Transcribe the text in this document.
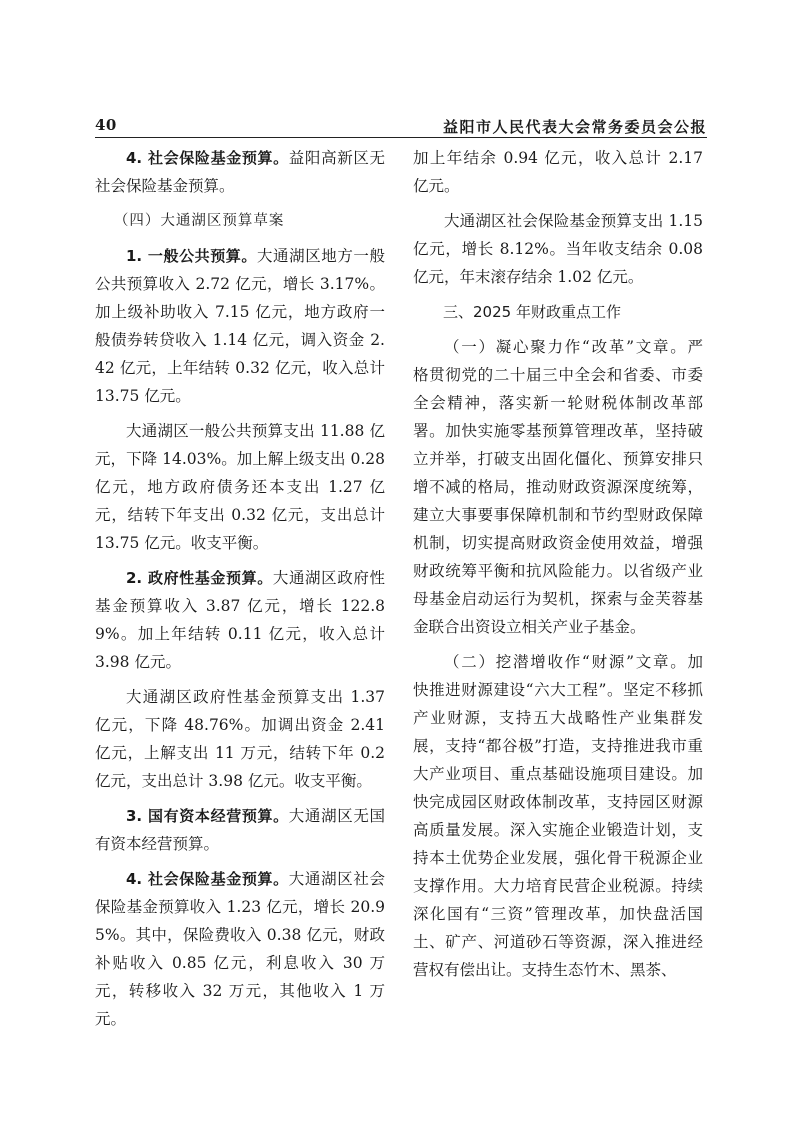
40	益阳市人民代表大会常务委员会公报

4. 社会保险基金预算。益阳高新区无社会保险基金预算。

（四）大通湖区预算草案

1. 一般公共预算。大通湖区地方一般公共预算收入 2.72 亿元，增长 3.17%。加上级补助收入 7.15 亿元，地方政府一般债券转贷收入 1.14 亿元，调入资金 2.42 亿元，上年结转 0.32 亿元，收入总计 13.75 亿元。

大通湖区一般公共预算支出 11.88 亿元，下降 14.03%。加上解上级支出 0.28 亿元，地方政府债务还本支出 1.27 亿元，结转下年支出 0.32 亿元，支出总计 13.75 亿元。收支平衡。

2. 政府性基金预算。大通湖区政府性基金预算收入 3.87 亿元，增长 122.89%。加上年结转 0.11 亿元，收入总计 3.98 亿元。

大通湖区政府性基金预算支出 1.37 亿元，下降 48.76%。加调出资金 2.41 亿元，上解支出 11 万元，结转下年 0.2 亿元，支出总计 3.98 亿元。收支平衡。

3. 国有资本经营预算。大通湖区无国有资本经营预算。

4. 社会保险基金预算。大通湖区社会保险基金预算收入 1.23 亿元，增长 20.95%。其中，保险费收入 0.38 亿元，财政补贴收入 0.85 亿元，利息收入 30 万元，转移收入 32 万元，其他收入 1 万元。

加上年结余 0.94 亿元，收入总计 2.17 亿元。

大通湖区社会保险基金预算支出 1.15 亿元，增长 8.12%。当年收支结余 0.08 亿元，年末滚存结余 1.02 亿元。

三、2025 年财政重点工作

（一）凝心聚力作“改革”文章。严格贯彻党的二十届三中全会和省委、市委全会精神，落实新一轮财税体制改革部署。加快实施零基预算管理改革，坚持破立并举，打破支出固化僵化、预算安排只增不减的格局，推动财政资源深度统筹，建立大事要事保障机制和节约型财政保障机制，切实提高财政资金使用效益，增强财政统筹平衡和抗风险能力。以省级产业母基金启动运行为契机，探索与金芙蓉基金联合出资设立相关产业子基金。

（二）挖潜增收作“财源”文章。加快推进财源建设“六大工程”。坚定不移抓产业财源，支持五大战略性产业集群发展，支持“都谷极”打造，支持推进我市重大产业项目、重点基础设施项目建设。加快完成园区财政体制改革，支持园区财源高质量发展。深入实施企业锻造计划，支持本土优势企业发展，强化骨干税源企业支撑作用。大力培育民营企业税源。持续深化国有“三资”管理改革，加快盘活国土、矿产、河道砂石等资源，深入推进经营权有偿出让。支持生态竹木、黑茶、
